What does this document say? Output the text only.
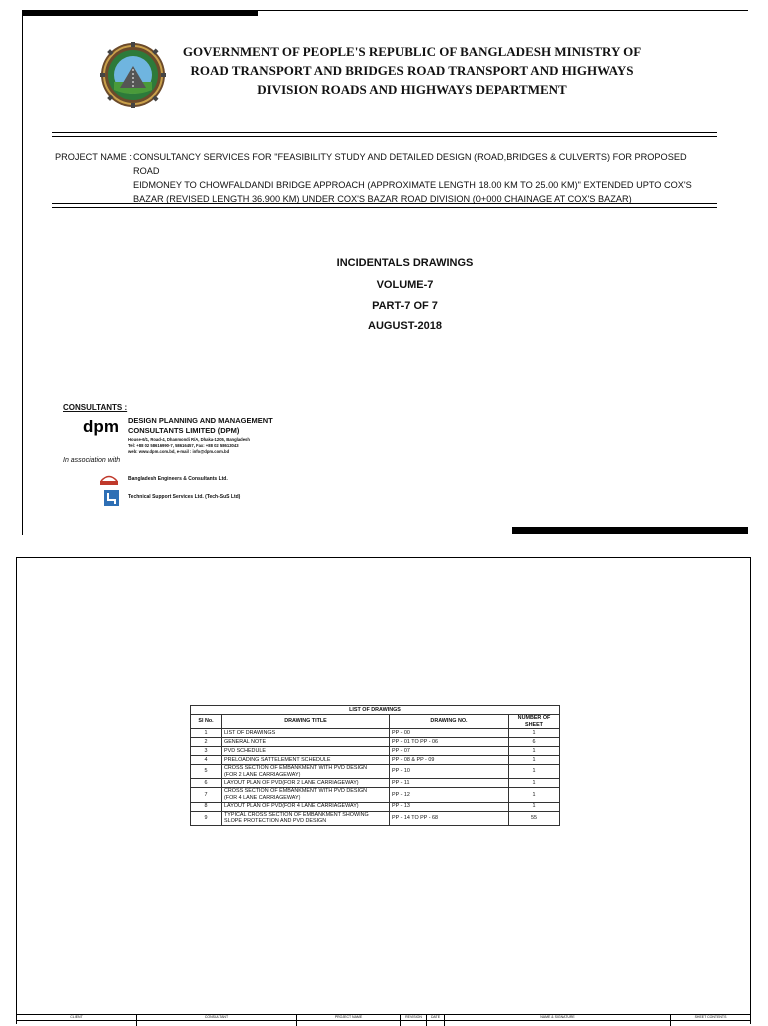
GOVERNMENT OF PEOPLE'S REPUBLIC OF BANGLADESH MINISTRY OF
ROAD TRANSPORT AND BRIDGES ROAD TRANSPORT AND HIGHWAYS
DIVISION ROADS AND HIGHWAYS DEPARTMENT
PROJECT NAME : CONSULTANCY SERVICES FOR "FEASIBILITY STUDY AND DETAILED DESIGN (ROAD,BRIDGES & CULVERTS) FOR PROPOSED ROAD
EIDMONEY TO CHOWFALDANDI BRIDGE APPROACH (APPROXIMATE LENGTH 18.00 KM TO 25.00 KM)" EXTENDED UPTO COX'S
BAZAR (REVISED LENGTH 36.900 KM) UNDER COX'S BAZAR ROAD DIVISION (0+000 CHAINAGE AT COX'S BAZAR)
INCIDENTALS DRAWINGS
VOLUME-7
PART-7 OF 7
AUGUST-2018
CONSULTANTS :
dpm DESIGN PLANNING AND MANAGEMENT
CONSULTANTS LIMITED (DPM)
House-6/1, Road-4, Dhanmondi R/A, Dhaka-1205, Bangladesh
Tel: +88 02 58616990-7, 58616457, Fax: +88 02 58613043
web: www.dpm.com.bd, e-mail : info@dpm.com.bd
In association with
Bangladesh Engineers & Consultants Ltd.
Technical Support Services Ltd. (Tech-SuS Ltd)
LIST OF DRAWINGS			
Sl No.	DRAWING TITLE	DRAWING NO.	NUMBER OF SHEET
1	LIST OF DRAWINGS	PP - 00	1
2	GENERAL NOTE	PP - 01 TO PP - 06	6
3	PVD SCHEDULE	PP - 07	1
4	PRELOADING SATTELEMENT SCHEDULE	PP - 08 & PP - 09	1
5	CROSS SECTION OF EMBANKMENT WITH PVD DESIGN
(FOR 2 LANE CARRIAGEWAY)	PP - 10	1
6	LAYOUT PLAN OF PVD(FOR 2 LANE CARRIAGEWAY)	PP - 11	1
7	CROSS SECTION OF EMBANKMENT WITH PVD DESIGN
(FOR 4 LANE CARRIAGEWAY)	PP - 12	1
8	LAYOUT PLAN OF PVD(FOR 4 LANE CARRIAGEWAY)	PP - 13	1
9	TYPICAL CROSS SECTION OF EMBANKMENT SHOWING
SLOPE PROTECTION AND PVD DESIGN	PP - 14 TO PP - 68	55
CLIENT	CONSULTANT	PROJECT NAME	REVISION	DATE	NAME & SIGNATURE	SHEET CONTENTS
